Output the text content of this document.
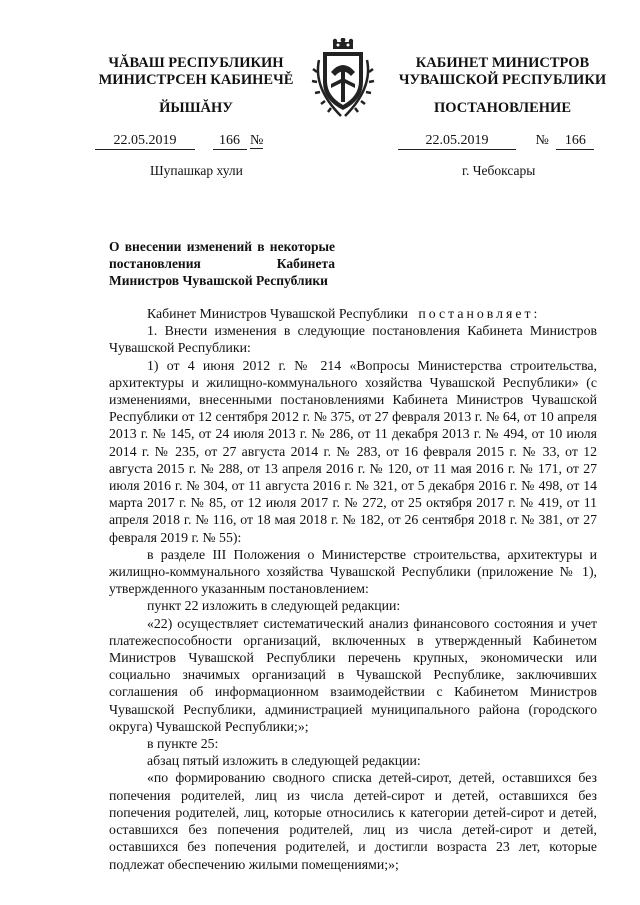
ЧĂВАШ РЕСПУБЛИКИН
МИНИСТРСЕН КАБИНЕЧĚ
ЙЫШĂНУ
КАБИНЕТ МИНИСТРОВ
ЧУВАШСКОЙ РЕСПУБЛИКИ
ПОСТАНОВЛЕНИЕ
22.05.2019	166 №	22.05.2019	№ 166
Шупашкар хули	г. Чебоксары
О внесении изменений в некоторые постановления Кабинета Министров Чувашской Республики

Кабинет Министров Чувашской Республики постановляет:

1. Внести изменения в следующие постановления Кабинета Министров Чувашской Республики:

1) от 4 июня 2012 г. № 214 «Вопросы Министерства строительства, архитектуры и жилищно-коммунального хозяйства Чувашской Республики» (с изменениями, внесенными постановлениями Кабинета Министров Чувашской Республики от 12 сентября 2012 г. № 375, от 27 февраля 2013 г. № 64, от 10 апреля 2013 г. № 145, от 24 июля 2013 г. № 286, от 11 декабря 2013 г. № 494, от 10 июля 2014 г. № 235, от 27 августа 2014 г. № 283, от 16 февраля 2015 г. № 33, от 12 августа 2015 г. № 288, от 13 апреля 2016 г. № 120, от 11 мая 2016 г. № 171, от 27 июля 2016 г. № 304, от 11 августа 2016 г. № 321, от 5 декабря 2016 г. № 498, от 14 марта 2017 г. № 85, от 12 июля 2017 г. № 272, от 25 октября 2017 г. № 419, от 11 апреля 2018 г. № 116, от 18 мая 2018 г. № 182, от 26 сентября 2018 г. № 381, от 27 февраля 2019 г. № 55):

в разделе III Положения о Министерстве строительства, архитектуры и жилищно-коммунального хозяйства Чувашской Республики (приложение № 1), утвержденного указанным постановлением:

пункт 22 изложить в следующей редакции:

«22) осуществляет систематический анализ финансового состояния и учет платежеспособности организаций, включенных в утвержденный Кабинетом Министров Чувашской Республики перечень крупных, экономически или социально значимых организаций в Чувашской Республике, заключивших соглашения об информационном взаимодействии с Кабинетом Министров Чувашской Республики, администрацией муниципального района (городского округа) Чувашской Республики;»;

в пункте 25:

абзац пятый изложить в следующей редакции:

«по формированию сводного списка детей-сирот, детей, оставшихся без попечения родителей, лиц из числа детей-сирот и детей, оставшихся без попечения родителей, лиц, которые относились к категории детей-сирот и детей, оставшихся без попечения родителей, лиц из числа детей-сирот и детей, оставшихся без попечения родителей, и достигли возраста 23 лет, которые подлежат обеспечению жилыми помещениями;»;
